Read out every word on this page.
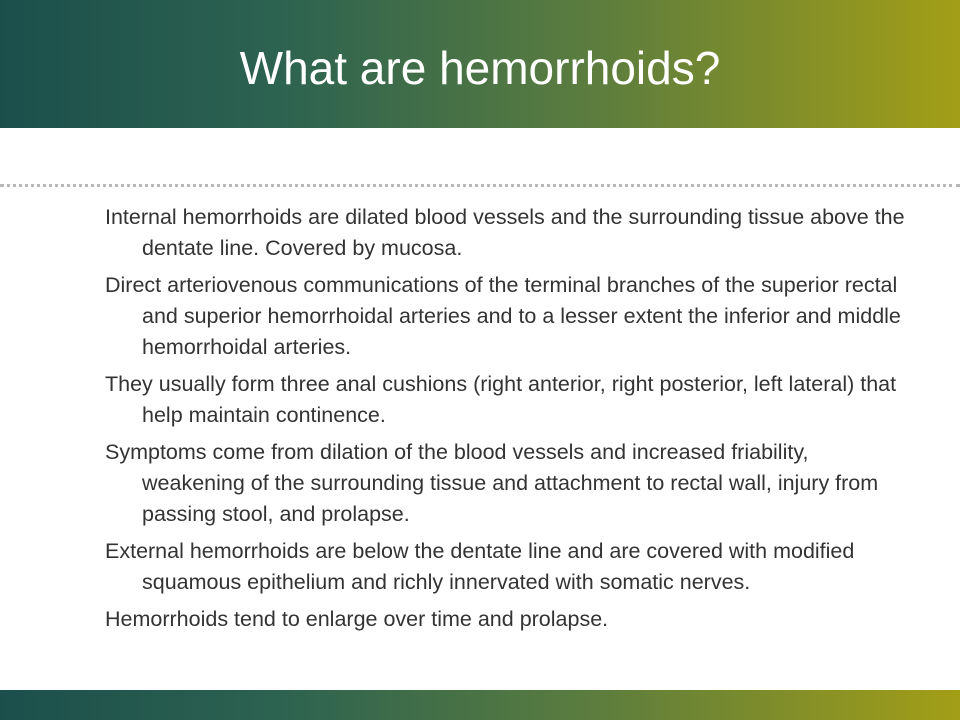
What are hemorrhoids?

Internal hemorrhoids are dilated blood vessels and the surrounding tissue above the dentate line. Covered by mucosa.

Direct arteriovenous communications of the terminal branches of the superior rectal and superior hemorrhoidal arteries and to a lesser extent the inferior and middle hemorrhoidal arteries.

They usually form three anal cushions (right anterior, right posterior, left lateral) that help maintain continence.

Symptoms come from dilation of the blood vessels and increased friability, weakening of the surrounding tissue and attachment to rectal wall, injury from passing stool, and prolapse.

External hemorrhoids are below the dentate line and are covered with modified squamous epithelium and richly innervated with somatic nerves.

Hemorrhoids tend to enlarge over time and prolapse.
